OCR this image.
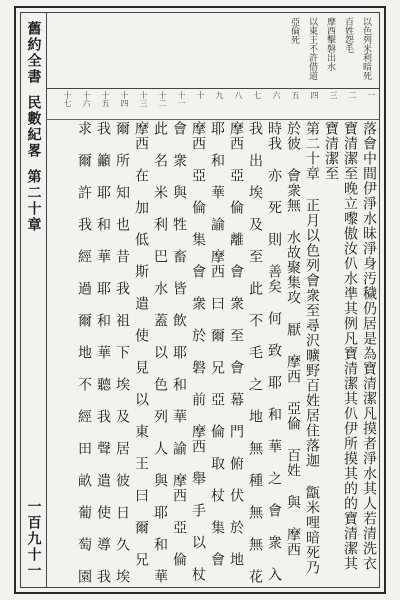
舊約全書
民數紀畧
第二十章
一百九十一
以色列米利暗死
百姓怨毛
摩西擊磐出水
以東王不許借道
亞倫死
一
二
三
四
五
六
七
八
九
十
十一
十二
十三
十四
十五
十六
十七
落會中間伊淨水昧淨身汚穢仍居是為寶清潔凡摸者淨水其人若清洗衣
寶清潔至晚立嚟傲汝仈水凖其例凡寶清潔其仈伊所摸其的的寶清潔其
寶清潔至
第二十章 正月以色列會衆至尋沢曠野百姓居住落迦 㽆米哩暗死乃
於彼 會衆無 水故聚集攻 厭 摩西 亞倫 百姓 與 摩西
時我 亦 死 則 善矣 何 致 耶 和 華 之 會 衆 入
我 出 埃 及 至 此 不 毛 之 地 無 種 無 無 花
摩西 亞 倫 離 會 衆 至 會 幕 門 俯 伏 於 地
耶 和 華 諭 摩西 曰 爾 兄 亞 倫 取 杖 集 會
摩西 亞 倫 集 會 衆 於 磐 前 摩西 舉 手 以 杖
會 衆 與 牲 畜 皆 飲 耶 和 華 諭 摩西 亞 倫
此 名 米 利 巴 水 蓋 以 色 列 人 與 耶 和 華
摩西 在 加 低 斯 遣 使 見 以 東 王 曰 爾 兄
爾 所 知 也 昔 我 祖 下 埃 及 居 彼 日 久 埃
我 籲 耶 和 華 耶 和 華 聽 我 聲 遣 使 導 我
求 爾 許 我 經 過 爾 地 不 經 田 畝 葡 萄 園
